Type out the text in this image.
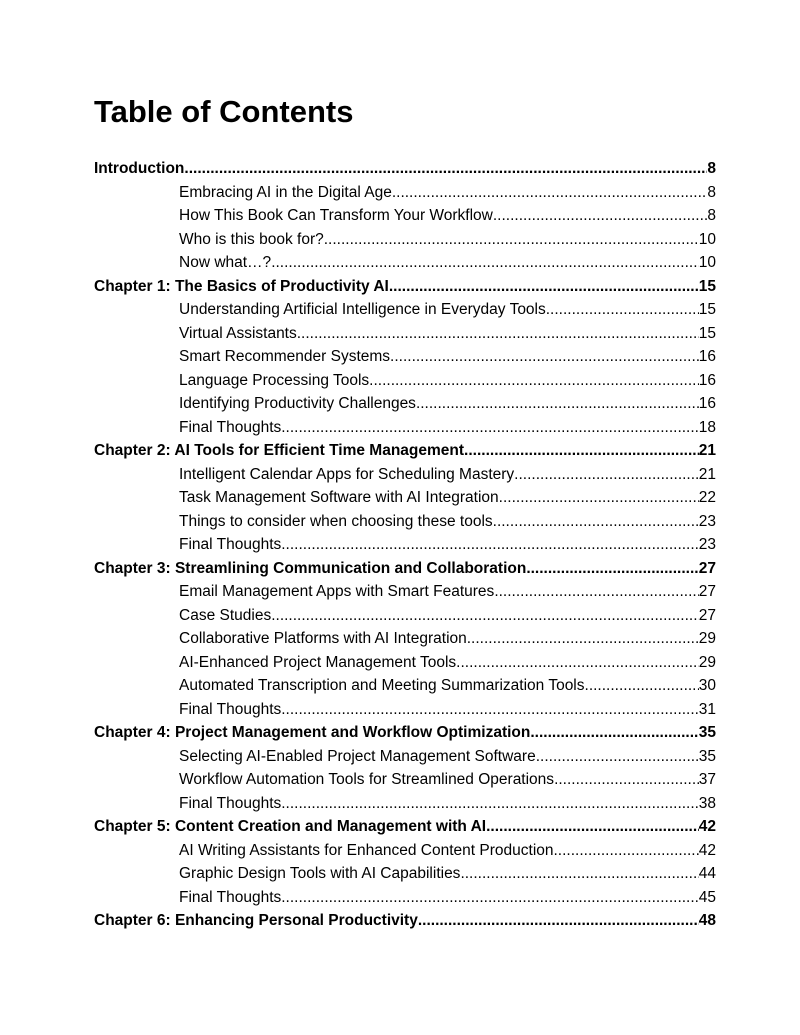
Table of Contents
Introduction .....	8
Embracing AI in the Digital Age .....	8
How This Book Can Transform Your Workflow .....	8
Who is this book for? .....	10
Now what…? .....	10
Chapter 1: The Basics of Productivity AI .....	15
Understanding Artificial Intelligence in Everyday Tools .....	15
Virtual Assistants .....	15
Smart Recommender Systems .....	16
Language Processing Tools .....	16
Identifying Productivity Challenges .....	16
Final Thoughts .....	18
Chapter 2: AI Tools for Efficient Time Management .....	21
Intelligent Calendar Apps for Scheduling Mastery .....	21
Task Management Software with AI Integration .....	22
Things to consider when choosing these tools .....	23
Final Thoughts .....	23
Chapter 3: Streamlining Communication and Collaboration .....	27
Email Management Apps with Smart Features .....	27
Case Studies .....	27
Collaborative Platforms with AI Integration .....	29
AI-Enhanced Project Management Tools .....	29
Automated Transcription and Meeting Summarization Tools .....	30
Final Thoughts .....	31
Chapter 4: Project Management and Workflow Optimization .....	35
Selecting AI-Enabled Project Management Software .....	35
Workflow Automation Tools for Streamlined Operations .....	37
Final Thoughts .....	38
Chapter 5: Content Creation and Management with AI .....	42
AI Writing Assistants for Enhanced Content Production .....	42
Graphic Design Tools with AI Capabilities .....	44
Final Thoughts .....	45
Chapter 6: Enhancing Personal Productivity .....	48
